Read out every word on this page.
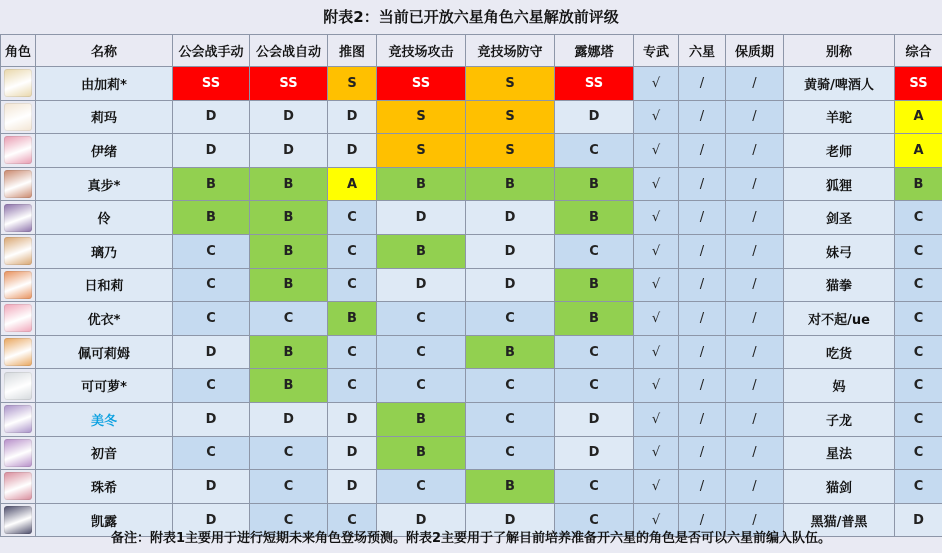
附表2：当前已开放六星角色六星解放前评级
角色	名称	公会战手动	公会战自动	推图	竞技场攻击	竞技场防守	露娜塔	专武	六星	保质期	别称	综合

	由加莉*	SS	SS	S	SS	S	SS	√	/	/	黄骑/啤酒人	SS

	莉玛	D	D	D	S	S	D	√	/	/	羊驼	A

	伊绪	D	D	D	S	S	C	√	/	/	老师	A

	真步*	B	B	A	B	B	B	√	/	/	狐狸	B

	伶	B	B	C	D	D	B	√	/	/	剑圣	C

	璃乃	C	B	C	B	D	C	√	/	/	妹弓	C

	日和莉	C	B	C	D	D	B	√	/	/	猫拳	C

	优衣*	C	C	B	C	C	B	√	/	/	对不起/ue	C

	佩可莉姆	D	B	C	C	B	C	√	/	/	吃货	C

	可可萝*	C	B	C	C	C	C	√	/	/	妈	C

	美冬	D	D	D	B	C	D	√	/	/	子龙	C

	初音	C	C	D	B	C	D	√	/	/	星法	C

	珠希	D	C	D	C	B	C	√	/	/	猫剑	C

	凯露	D	C	C	D	D	C	√	/	/	黑猫/普黑	D
备注：附表1主要用于进行短期未来角色登场预测。附表2主要用于了解目前培养准备开六星的角色是否可以六星前编入队伍。
